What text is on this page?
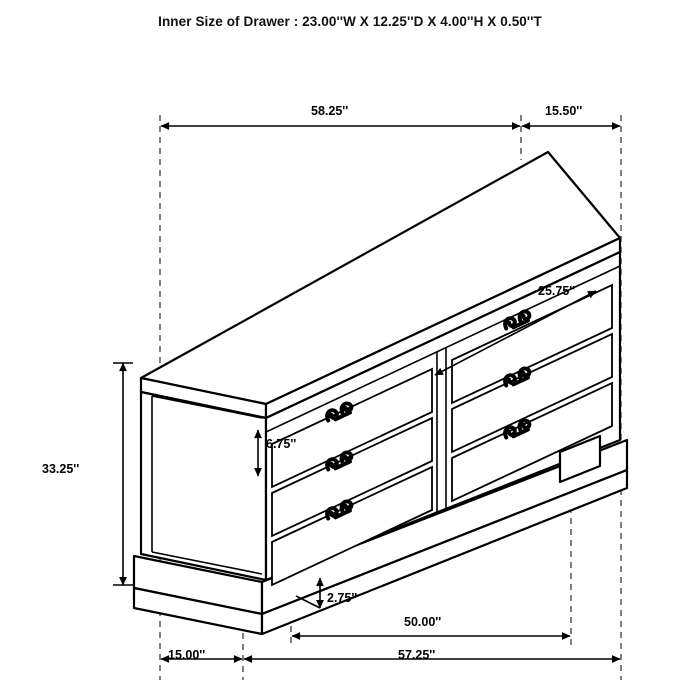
Inner Size of Drawer : 23.00''W X 12.25''D X 4.00''H X 0.50''T
58.25''	15.50''
25.75''
6.75''
33.25''
2.75''
15.00''
50.00''
57.25''
